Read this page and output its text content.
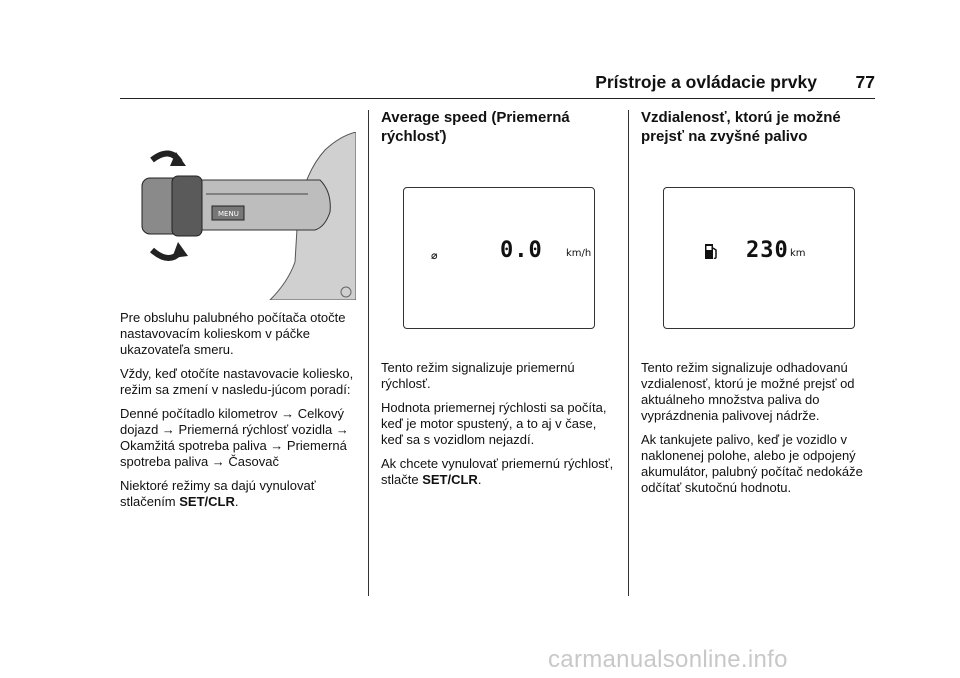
Prístroje a ovládacie prvky 77
MENU

Pre obsluhu palubného počítača otočte nastavovacím kolieskom v páčke ukazovateľa smeru.

Vždy, keď otočíte nastavovacie koliesko, režim sa zmení v nasledu-júcom poradí:

Denné počítadlo kilometrov → Celkový dojazd → Priemerná rýchlosť vozidla → Okamžitá spotreba paliva → Priemerná spotreba paliva → Časovač

Niektoré režimy sa dajú vynulovať stlačením SET/CLR.

Average speed (Priemerná rýchlosť)
⌀	0.0 km/h

Tento režim signalizuje priemernú rýchlosť.

Hodnota priemernej rýchlosti sa počíta, keď je motor spustený, a to aj v čase, keď sa s vozidlom nejazdí.

Ak chcete vynulovať priemernú rýchlosť, stlačte SET/CLR.

Vzdialenosť, ktorú je možné prejsť na zvyšné palivo
230 km

Tento režim signalizuje odhadovanú vzdialenosť, ktorú je možné prejsť od aktuálneho množstva paliva do vyprázdnenia palivovej nádrže.

Ak tankujete palivo, keď je vozidlo v naklonenej polohe, alebo je odpojený akumulátor, palubný počítač nedokáže odčítať skutočnú hodnotu.

carmanualsonline.info
